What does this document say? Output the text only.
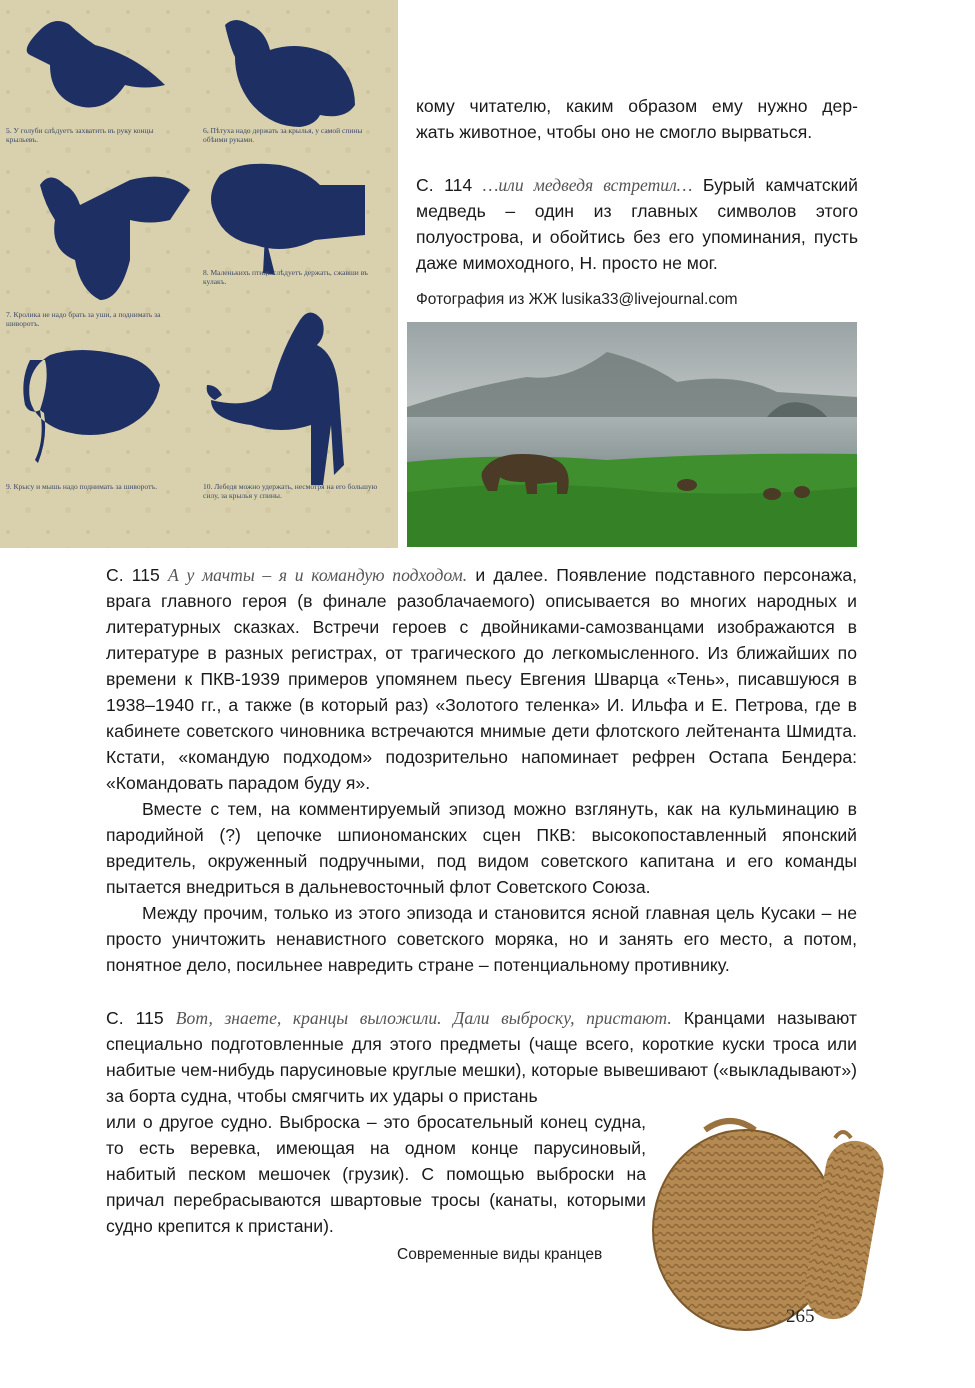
5. У голуби слѣдуетъ захватить въ руку концы крыльевъ.
6. Пѣтуха надо держать за крылья, у самой спины обѣими руками.
7. Кролика не надо брать за уши, а поднимать за шиворотъ.
8. Маленькихъ птицъ слѣдуетъ держать, сжавши въ кулакъ.
9. Крысу и мышь надо поднимать за шиворотъ.	10. Лебедя можно удержать, несмотря на его большую силу, за крылья у спины.
кому читателю, каким образом ему нужно дер-
жать животное, чтобы оно не смогло вырваться.
С. 114 …или медведя встретил… Бурый камчатский медведь – один из главных символов этого полуострова, и обойтись без его упоминания, пусть даже мимоходного, Н. просто не мог.
Фотография из ЖЖ lusika33@livejournal.com

С. 115 А у мачты – я и командую подходом. и далее. Появление подставного персонажа, врага главного героя (в финале разоблачаемого) описывается во многих народных и литературных сказках. Встречи героев с двойниками-самозванцами изображаются в литературе в разных регистрах, от трагического до легкомысленного. Из ближайших по времени к ПКВ-1939 примеров упомянем пьесу Евгения Шварца «Тень», писавшуюся в 1938–1940 гг., а также (в который раз) «Золотого теленка» И. Ильфа и Е. Петрова, где в кабинете советского чиновника встречаются мнимые дети флотского лейтенанта Шмидта. Кстати, «командую подходом» подозрительно напоминает рефрен Остапа Бендера: «Командовать парадом буду я».

Вместе с тем, на комментируемый эпизод можно взглянуть, как на кульминацию в пародийной (?) цепочке шпиономанских сцен ПКВ: высокопоставленный японский вредитель, окруженный подручными, под видом советского капитана и его команды пытается внедриться в дальневосточный флот Советского Союза.

Между прочим, только из этого эпизода и становится ясной главная цель Кусаки – не просто уничтожить ненавистного советского моряка, но и занять его место, а потом, понятное дело, посильнее навредить стране – потенциальному противнику.

С. 115 Вот, знаете, кранцы выложили. Дали выброску, пристают. Кранцами называют специально подготовленные для этого предметы (чаще всего, короткие куски троса или набитые чем-нибудь парусиновые круглые мешки), которые вывешивают («выкладывают») за борта судна, чтобы смягчить их удары о пристань

или о другое судно. Выброска – это бросательный конец судна, то есть веревка, имеющая на одном конце парусиновый, набитый песком мешочек (грузик). С помощью выброски на причал перебрасываются швартовые тросы (канаты, которыми судно крепится к пристани).

Современные виды кранцев
265
